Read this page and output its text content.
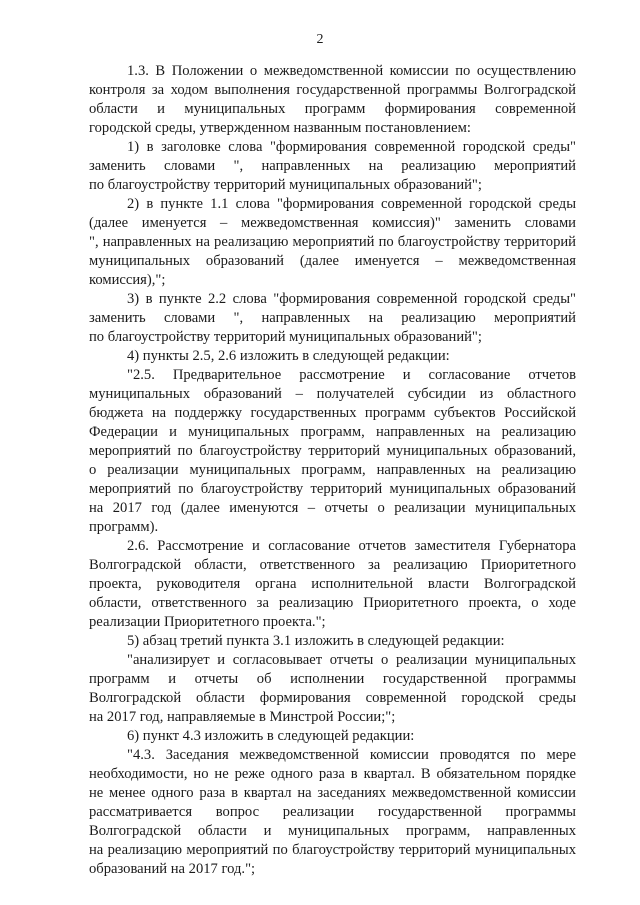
2
1.3. В Положении о межведомственной комиссии по осуществлению
контроля за ходом выполнения государственной программы Волгоградской
области и муниципальных программ формирования современной
городской среды, утвержденном названным постановлением:
1) в заголовке слова "формирования современной городской среды"
заменить словами ", направленных на реализацию мероприятий
по благоустройству территорий муниципальных образований";
2) в пункте 1.1 слова "формирования современной городской среды
(далее именуется – межведомственная комиссия)" заменить словами
", направленных на реализацию мероприятий по благоустройству территорий
муниципальных образований (далее именуется – межведомственная
комиссия),";
3) в пункте 2.2 слова "формирования современной городской среды"
заменить словами ", направленных на реализацию мероприятий
по благоустройству территорий муниципальных образований";
4) пункты 2.5, 2.6 изложить в следующей редакции:
"2.5. Предварительное рассмотрение и согласование отчетов
муниципальных образований – получателей субсидии из областного
бюджета на поддержку государственных программ субъектов Российской
Федерации и муниципальных программ, направленных на реализацию
мероприятий по благоустройству территорий муниципальных образований,
о реализации муниципальных программ, направленных на реализацию
мероприятий по благоустройству территорий муниципальных образований
на 2017 год (далее именуются – отчеты о реализации муниципальных
программ).
2.6. Рассмотрение и согласование отчетов заместителя Губернатора
Волгоградской области, ответственного за реализацию Приоритетного
проекта, руководителя органа исполнительной власти Волгоградской
области, ответственного за реализацию Приоритетного проекта, о ходе
реализации Приоритетного проекта.";
5) абзац третий пункта 3.1 изложить в следующей редакции:
"анализирует и согласовывает отчеты о реализации муниципальных
программ и отчеты об исполнении государственной программы
Волгоградской области формирования современной городской среды
на 2017 год, направляемые в Минстрой России;";
6) пункт 4.3 изложить в следующей редакции:
"4.3. Заседания межведомственной комиссии проводятся по мере
необходимости, но не реже одного раза в квартал. В обязательном порядке
не менее одного раза в квартал на заседаниях межведомственной комиссии
рассматривается вопрос реализации государственной программы
Волгоградской области и муниципальных программ, направленных
на реализацию мероприятий по благоустройству территорий муниципальных
образований на 2017 год.";
